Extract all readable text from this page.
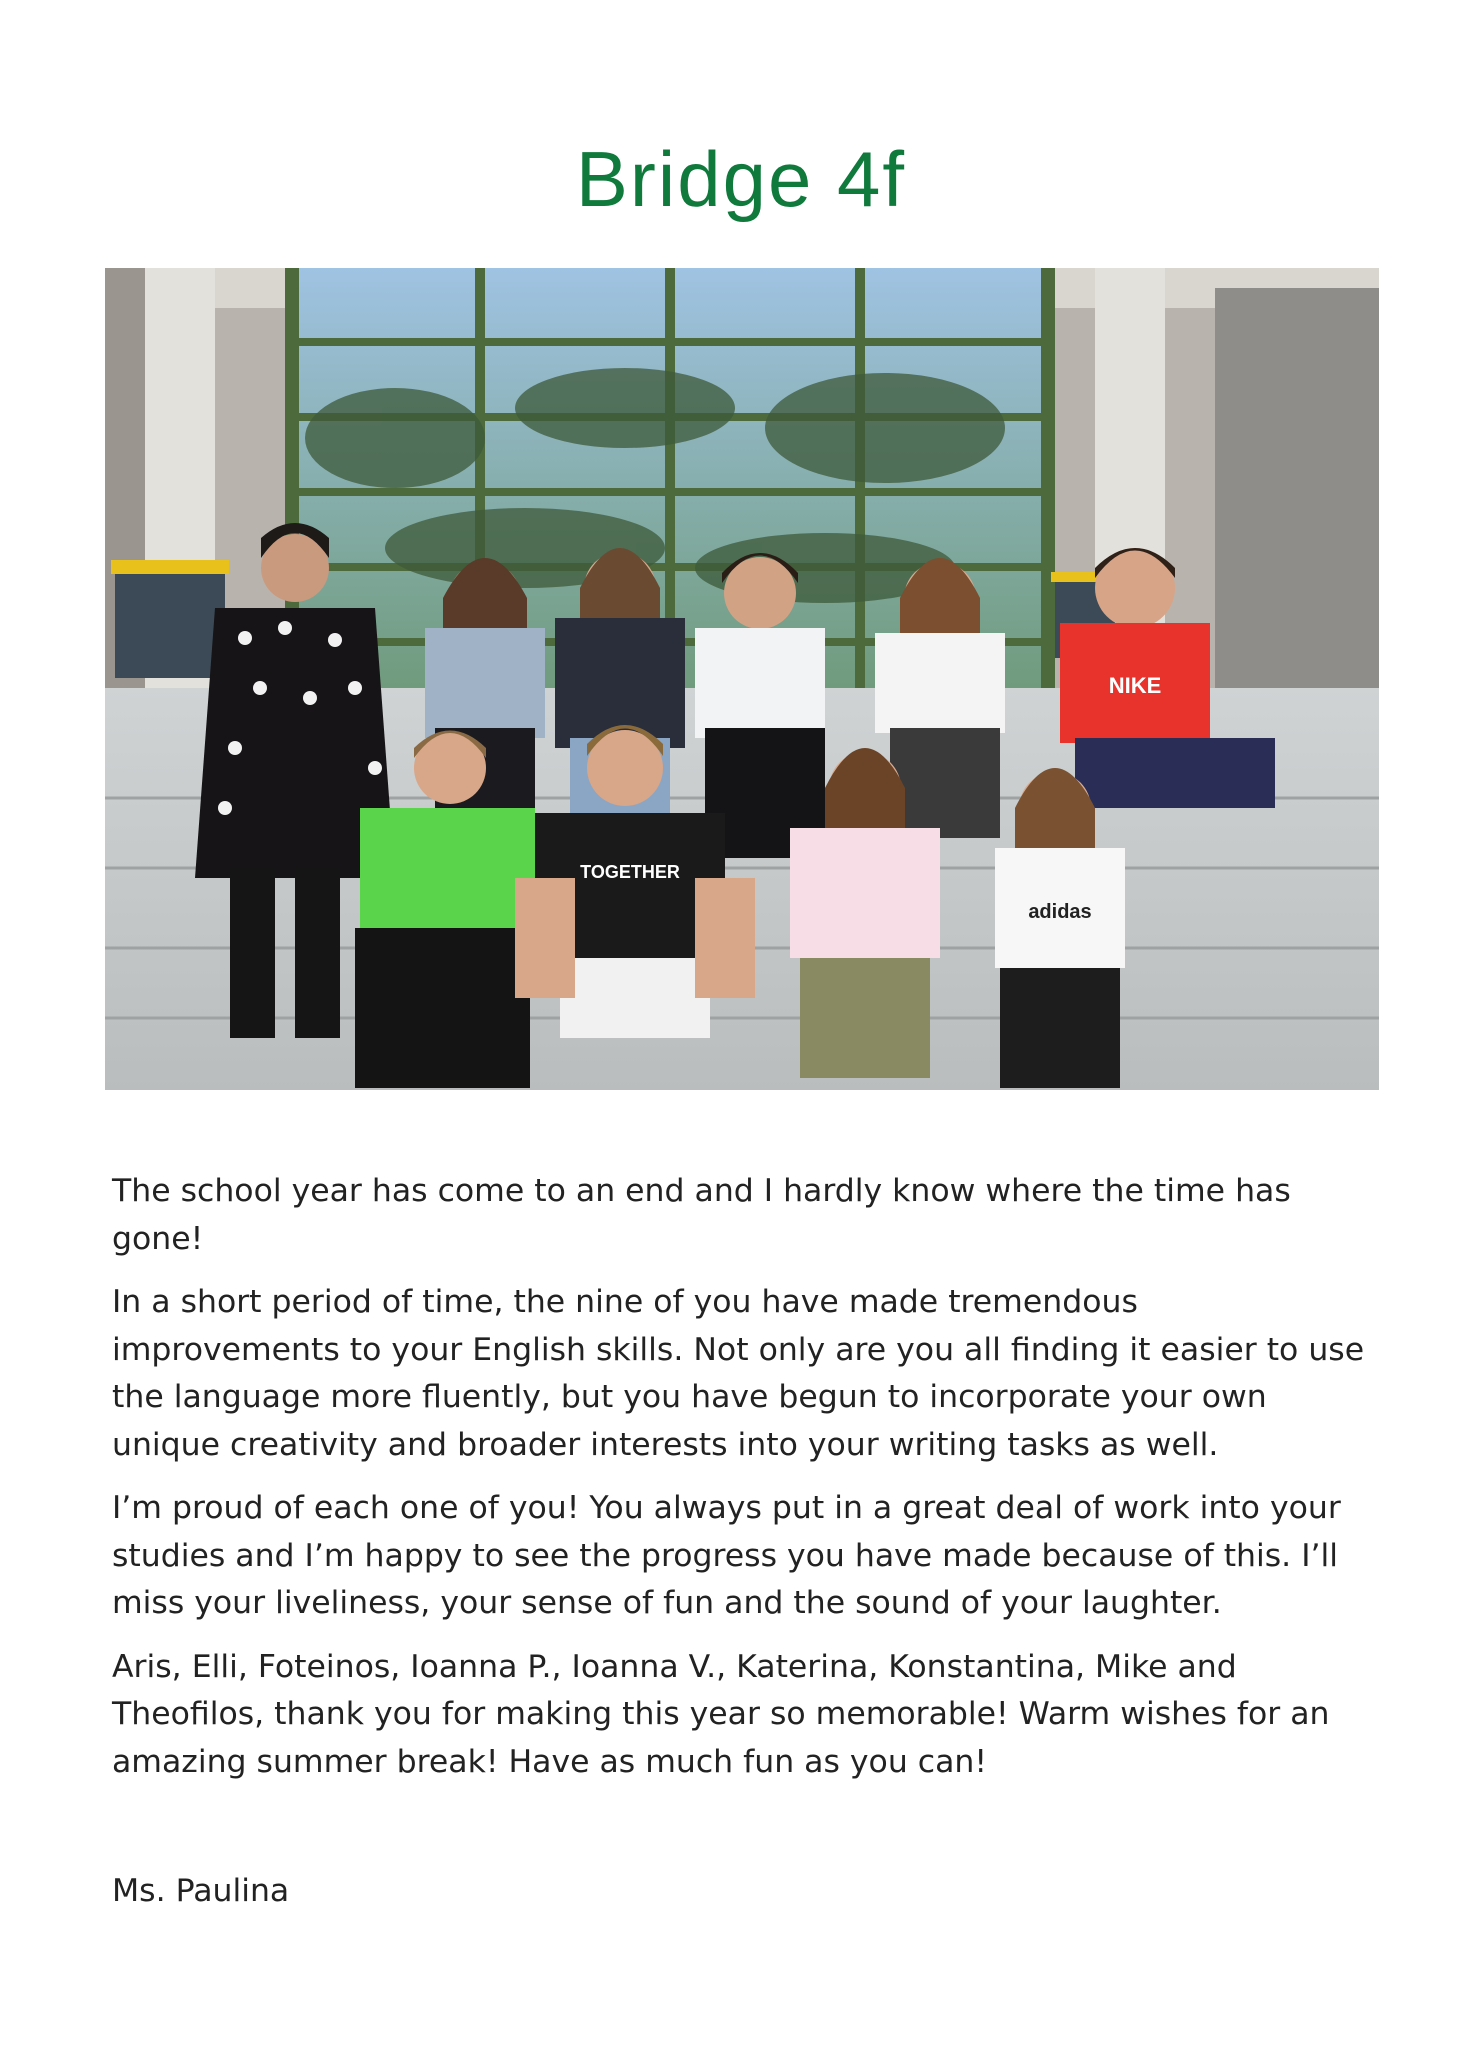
Bridge 4f
NIKE
TOGETHER
adidas

The school year has come to an end and I hardly know where the time has gone!

In a short period of time, the nine of you have made tremendous improvements to your English skills. Not only are you all finding it easier to use the language more fluently, but you have begun to incorporate your own unique creativity and broader interests into your writing tasks as well.

I’m proud of each one of you! You always put in a great deal of work into your studies and I’m happy to see the progress you have made because of this. I’ll miss your liveliness, your sense of fun and the sound of your laughter.

Aris, Elli, Foteinos, Ioanna P., Ioanna V., Katerina, Konstantina, Mike and Theofilos, thank you for making this year so memorable! Warm wishes for an amazing summer break! Have as much fun as you can!

Ms. Paulina
